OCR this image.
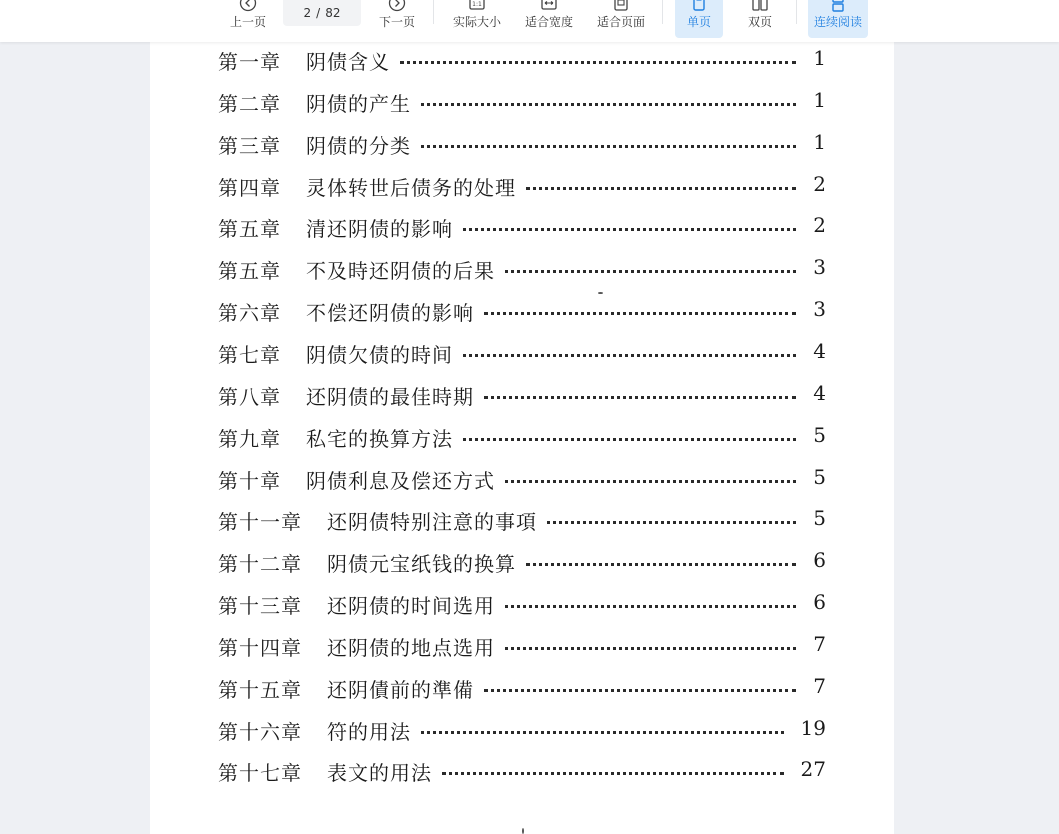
上一页
2 / 82
下一页
1:1
实际大小 适合宽度 适合页面	单页	双页	连续阅读
第一章 阴债含义	1
第二章 阴债的产生	1
第三章 阴债的分类	1
第四章 灵体转世后债务的处理	2
第五章 清还阴债的影响	2
第五章 不及時还阴债的后果	3
第六章 不偿还阴债的影响	3
第七章 阴债欠债的時间	4
第八章 还阴债的最佳時期	4
第九章 私宅的换算方法	5
第十章 阴债利息及偿还方式	5
第十一章 还阴债特别注意的事項	5
第十二章 阴债元宝纸钱的换算	6
第十三章 还阴债的时间选用	6
第十四章 还阴债的地点选用	7
第十五章 还阴債前的準備	7
第十六章 符的用法	19
第十七章 表文的用法	27
